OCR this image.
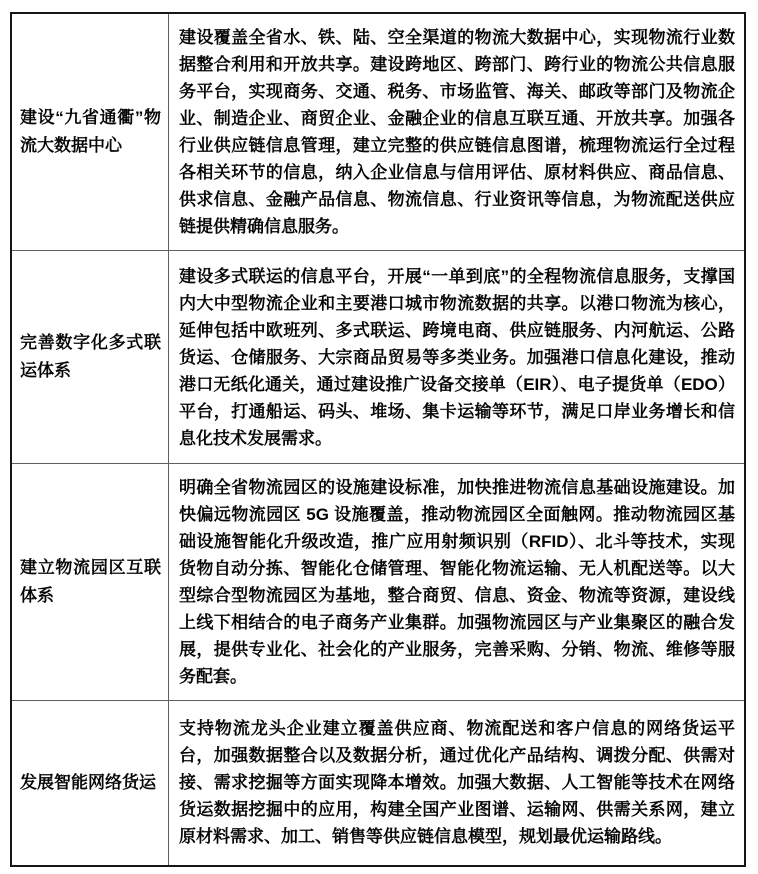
建设“九省通衢”物流大数据中心	建设覆盖全省水、铁、陆、空全渠道的物流大数据中心，实现物流行业数据整合利用和开放共享。建设跨地区、跨部门、跨行业的物流公共信息服务平台，实现商务、交通、税务、市场监管、海关、邮政等部门及物流企业、制造企业、商贸企业、金融企业的信息互联互通、开放共享。加强各行业供应链信息管理，建立完整的供应链信息图谱，梳理物流运行全过程各相关环节的信息，纳入企业信息与信用评估、原材料供应、商品信息、供求信息、金融产品信息、物流信息、行业资讯等信息，为物流配送供应链提供精确信息服务。
完善数字化多式联运体系	建设多式联运的信息平台，开展“一单到底”的全程物流信息服务，支撑国内大中型物流企业和主要港口城市物流数据的共享。以港口物流为核心，延伸包括中欧班列、多式联运、跨境电商、供应链服务、内河航运、公路货运、仓储服务、大宗商品贸易等多类业务。加强港口信息化建设，推动港口无纸化通关，通过建设推广设备交接单（EIR）、电子提货单（EDO）平台，打通船运、码头、堆场、集卡运输等环节，满足口岸业务增长和信息化技术发展需求。
建立物流园区互联体系	明确全省物流园区的设施建设标准，加快推进物流信息基础设施建设。加快偏远物流园区 5G 设施覆盖，推动物流园区全面触网。推动物流园区基础设施智能化升级改造，推广应用射频识别（RFID）、北斗等技术，实现货物自动分拣、智能化仓储管理、智能化物流运输、无人机配送等。以大型综合型物流园区为基地，整合商贸、信息、资金、物流等资源，建设线上线下相结合的电子商务产业集群。加强物流园区与产业集聚区的融合发展，提供专业化、社会化的产业服务，完善采购、分销、物流、维修等服务配套。
发展智能网络货运	支持物流龙头企业建立覆盖供应商、物流配送和客户信息的网络货运平台，加强数据整合以及数据分析，通过优化产品结构、调拨分配、供需对接、需求挖掘等方面实现降本增效。加强大数据、人工智能等技术在网络货运数据挖掘中的应用，构建全国产业图谱、运输网、供需关系网，建立原材料需求、加工、销售等供应链信息模型，规划最优运输路线。
